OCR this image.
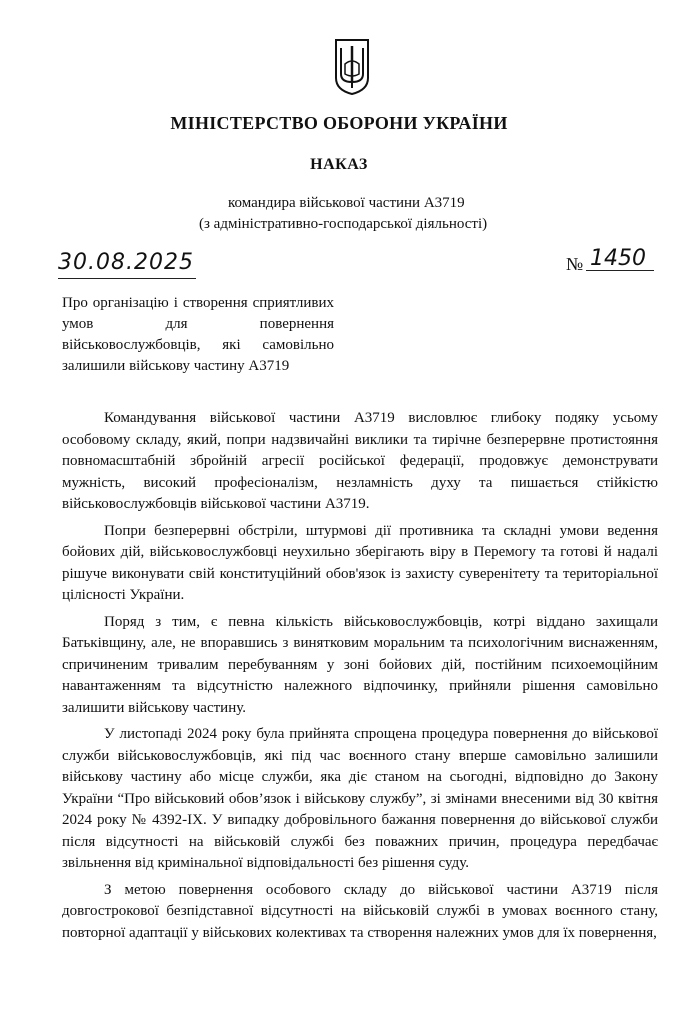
МІНІСТЕРСТВО ОБОРОНИ УКРАЇНИ
НАКАЗ
командира військової частини А3719
(з адміністративно-господарської діяльності)
30.08.2025	№ 1450
Про організацію і створення сприятливих умов для повернення військовослужбовців, які самовільно залишили військову частину А3719

Командування військової частини А3719 висловлює глибоку подяку усьому особовому складу, який, попри надзвичайні виклики та тирічне безперервне протистояння повномасштабній збройній агресії російської федерації, продовжує демонструвати мужність, високий професіоналізм, незламність духу та пишається стійкістю військовослужбовців військової частини А3719.

Попри безперервні обстріли, штурмові дії противника та складні умови ведення бойових дій, військовослужбовці неухильно зберігають віру в Перемогу та готові й надалі рішуче виконувати свій конституційний обов'язок із захисту суверенітету та територіальної цілісності України.

Поряд з тим, є певна кількість військовослужбовців, котрі віддано захищали Батьківщину, але, не впоравшись з винятковим моральним та психологічним виснаженням, спричиненим тривалим перебуванням у зоні бойових дій, постійним психоемоційним навантаженням та відсутністю належного відпочинку, прийняли рішення самовільно залишити військову частину.

У листопаді 2024 року була прийнята спрощена процедура повернення до військової служби військовослужбовців, які під час воєнного стану вперше самовільно залишили військову частину або місце служби, яка діє станом на сьогодні, відповідно до Закону України “Про військовий обов’язок і військову службу”, зі змінами внесеними від 30 квітня 2024 року № 4392-IX. У випадку добровільного бажання повернення до військової служби після відсутності на військовій службі без поважних причин, процедура передбачає звільнення від кримінальної відповідальності без рішення суду.

З метою повернення особового складу до військової частини А3719 після довгострокової безпідставної відсутності на військовій службі в умовах воєнного стану, повторної адаптації у військових колективах та створення належних умов для їх повернення,
